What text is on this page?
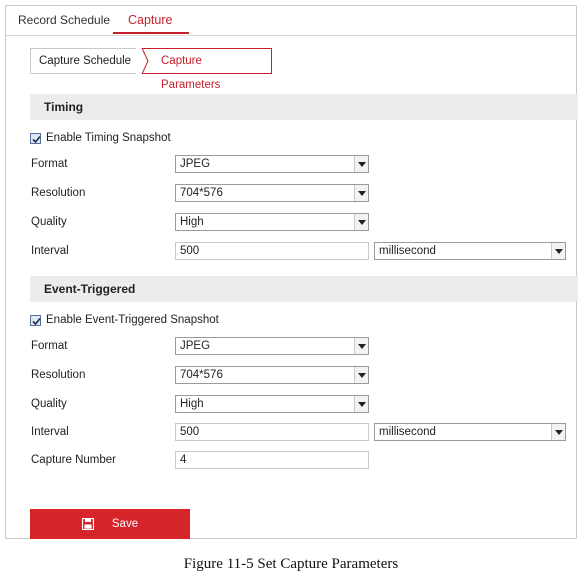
Record Schedule Capture
Capture Schedule	Capture Parameters
Timing
Enable Timing Snapshot
Format	JPEG
Resolution	704*576
Quality	High
Interval	500	millisecond
Event-Triggered
Enable Event-Triggered Snapshot
Format	JPEG
Resolution	704*576
Quality	High
Interval	500	millisecond
Capture Number	4
Save
Figure 11-5 Set Capture Parameters
